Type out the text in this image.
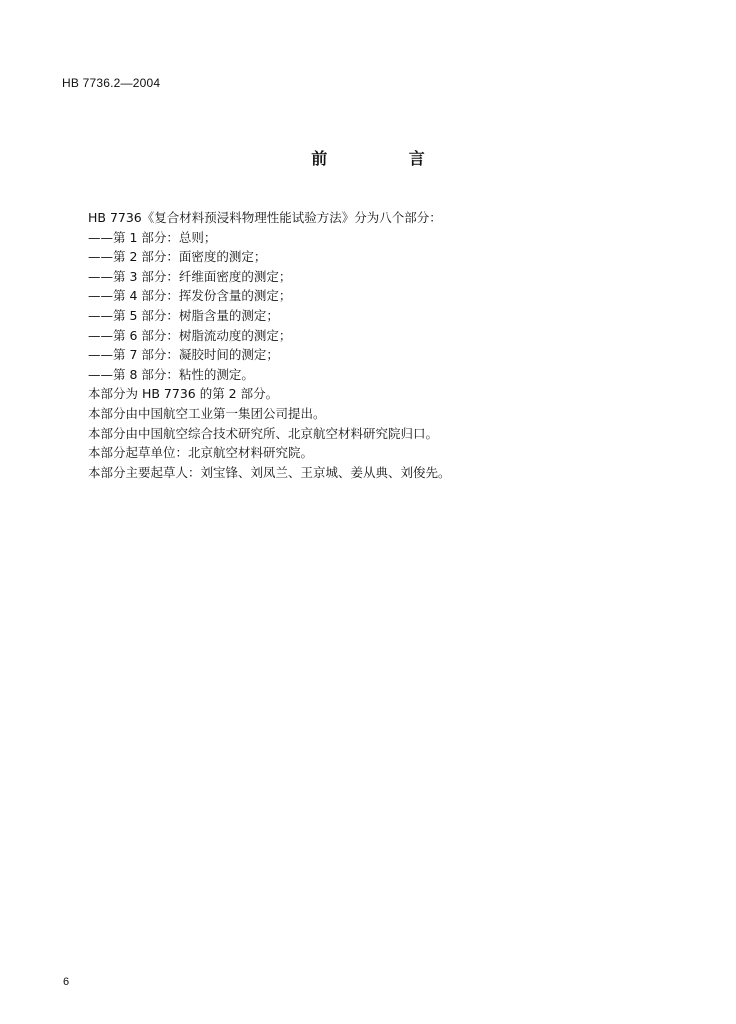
HB 7736.2—2004
前 言
HB 7736《复合材料预浸料物理性能试验方法》分为八个部分：
——第 1 部分：总则；
——第 2 部分：面密度的测定；
——第 3 部分：纤维面密度的测定；
——第 4 部分：挥发份含量的测定；
——第 5 部分：树脂含量的测定；
——第 6 部分：树脂流动度的测定；
——第 7 部分：凝胶时间的测定；
——第 8 部分：粘性的测定。
本部分为 HB 7736 的第 2 部分。
本部分由中国航空工业第一集团公司提出。
本部分由中国航空综合技术研究所、北京航空材料研究院归口。
本部分起草单位：北京航空材料研究院。
本部分主要起草人：刘宝锋、刘凤兰、王京城、姜从典、刘俊先。
6
